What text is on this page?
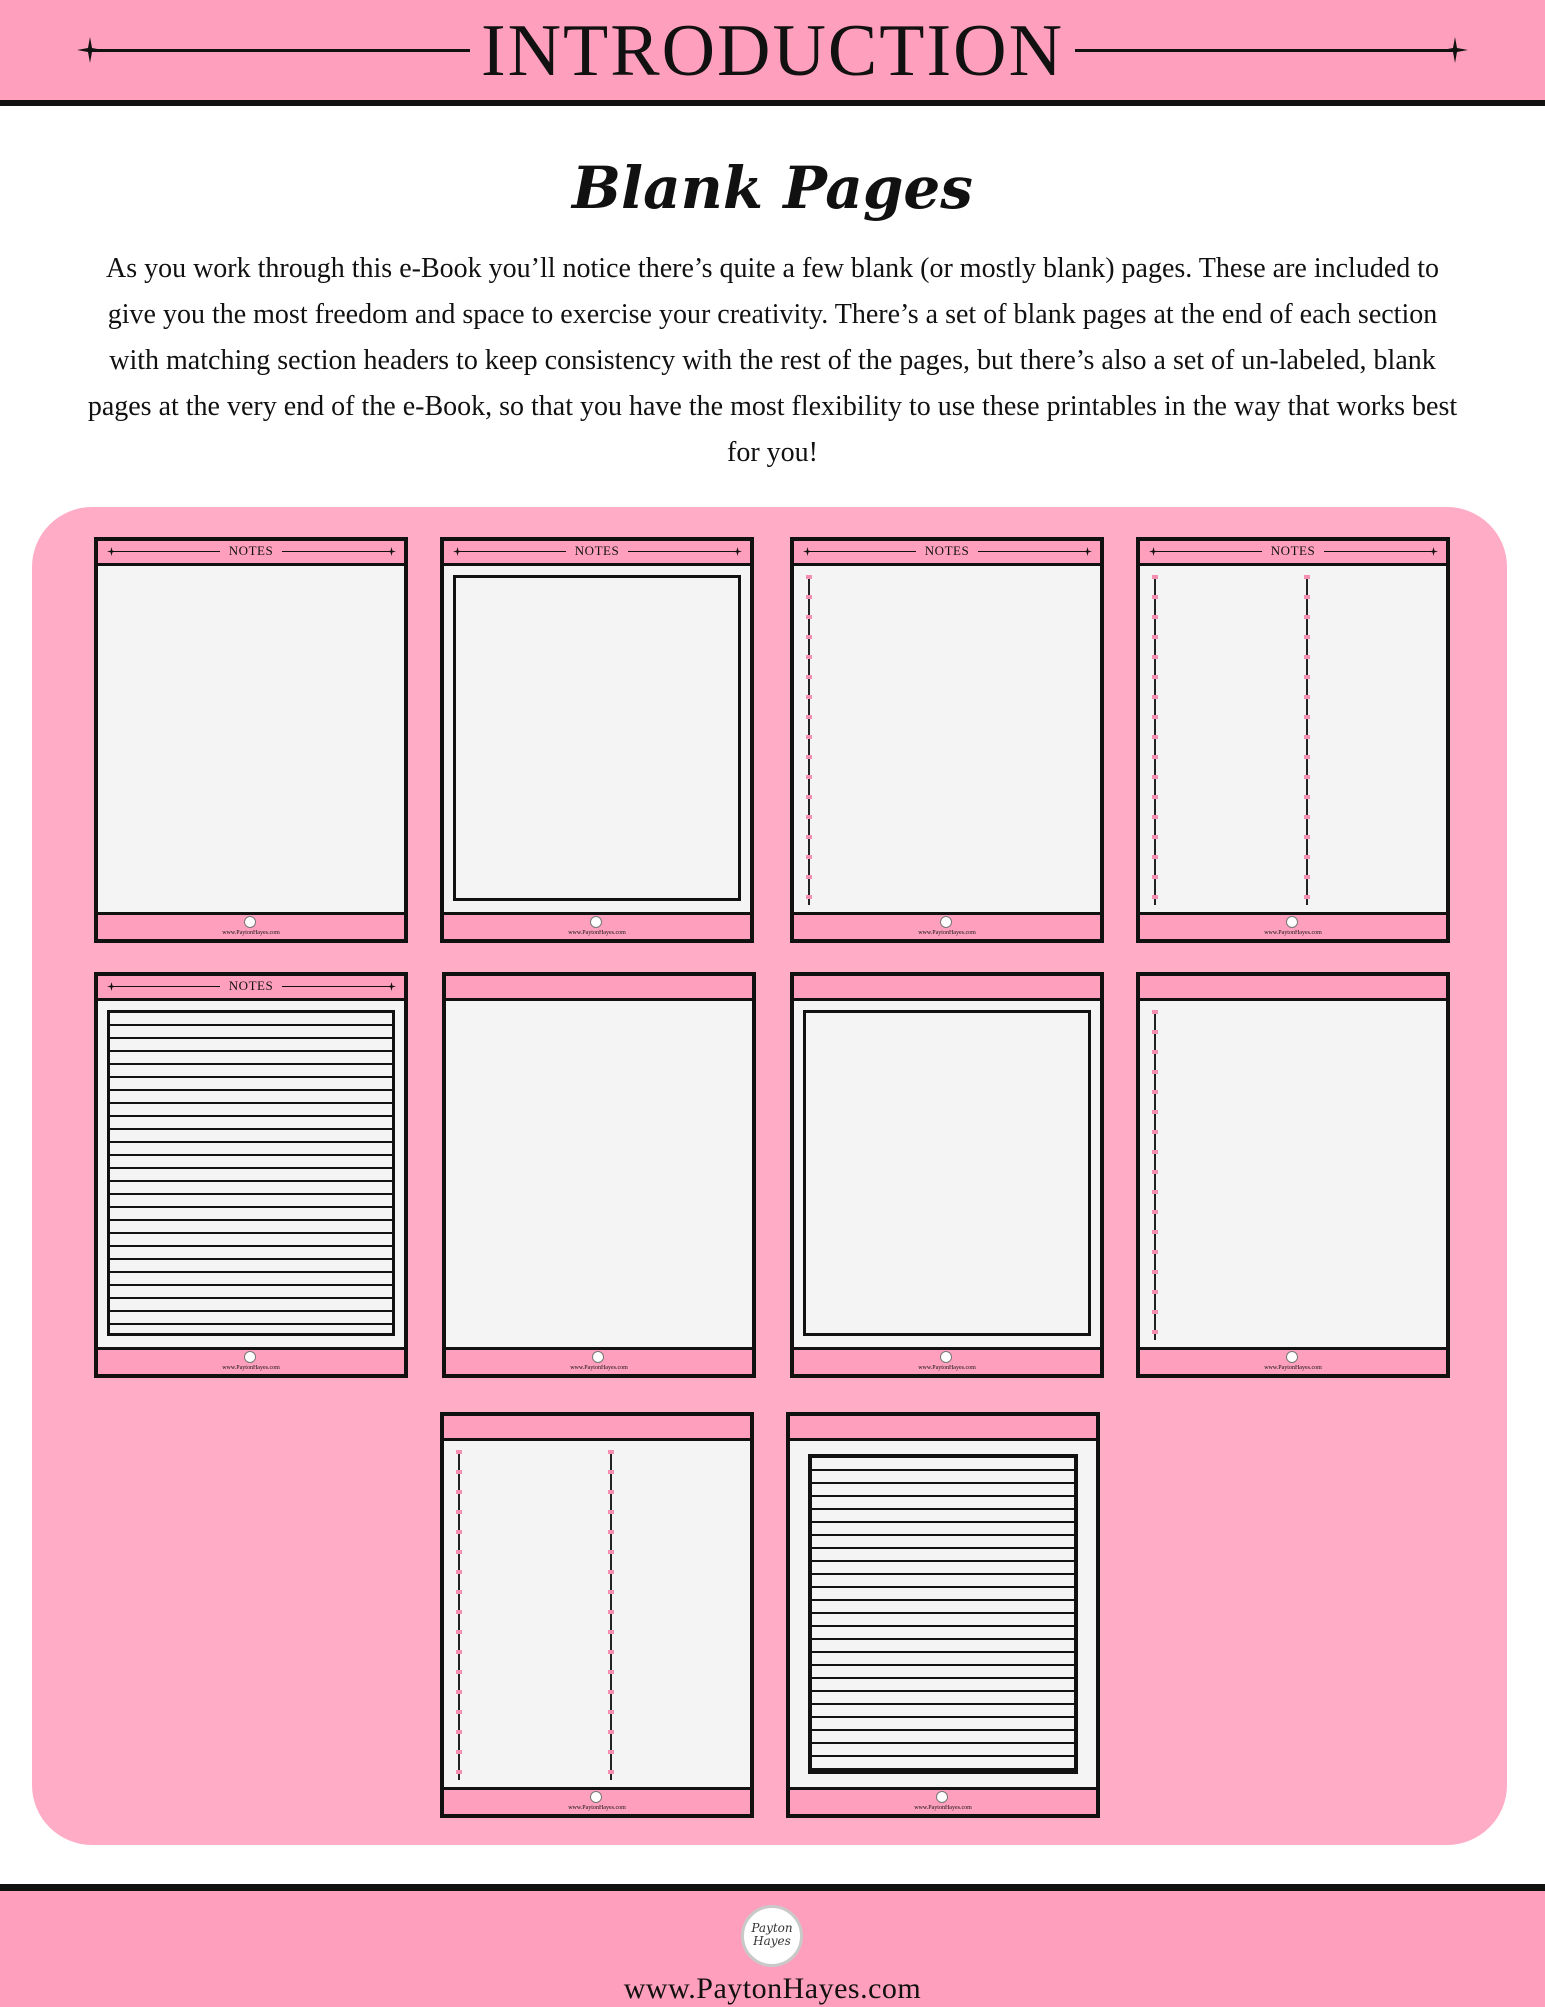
INTRODUCTION
Blank Pages

As you work through this e-Book you’ll notice there’s quite a few blank (or mostly blank) pages. These are included to give you the most freedom and space to exercise your creativity. There’s a set of blank pages at the end of each section with matching section headers to keep consistency with the rest of the pages, but there’s also a set of un-labeled, blank pages at the very end of the e-Book, so that you have the most flexibility to use these printables in the way that works best for you!

NOTES
www.PaytonHayes.com
NOTES
www.PaytonHayes.com
NOTES
www.PaytonHayes.com
NOTES
www.PaytonHayes.com
NOTES
www.PaytonHayes.com	www.PaytonHayes.com	www.PaytonHayes.com	www.PaytonHayes.com
www.PaytonHayes.com	www.PaytonHayes.com
Payton Hayes
www.PaytonHayes.com
